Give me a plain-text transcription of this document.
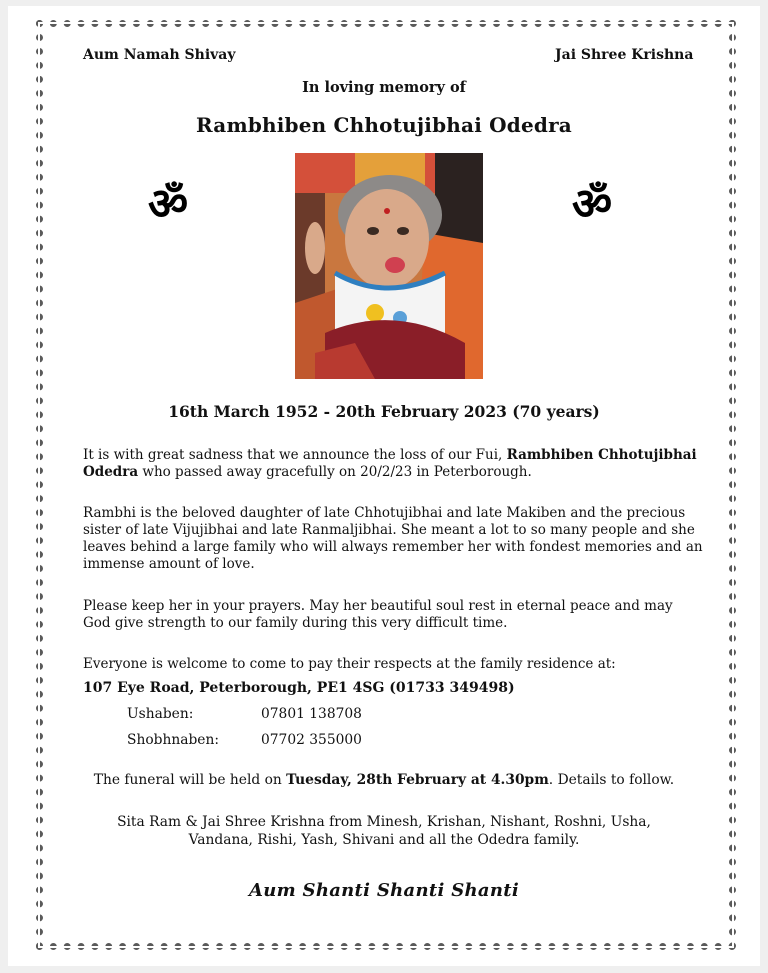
Aum Namah Shivay	Jai Shree Krishna
In loving memory of
Rambhiben Chhotujibhai Odedra
ॐ	ॐ
16th March 1952 - 20th February 2023 (70 years)
It is with great sadness that we announce the loss of our Fui, Rambhiben Chhotujibhai Odedra who passed away gracefully on 20/2/23 in Peterborough.
Rambhi is the beloved daughter of late Chhotujibhai and late Makiben and the precious sister of late Vijujibhai and late Ranmaljibhai. She meant a lot to so many people and she leaves behind a large family who will always remember her with fondest memories and an immense amount of love.
Please keep her in your prayers. May her beautiful soul rest in eternal peace and may God give strength to our family during this very difficult time.
Everyone is welcome to come to pay their respects at the family residence at:
107 Eye Road, Peterborough, PE1 4SG (01733 349498)
Ushaben:	07801 138708
Shobhnaben:	07702 355000
The funeral will be held on Tuesday, 28th February at 4.30pm. Details to follow.
Sita Ram & Jai Shree Krishna from Minesh, Krishan, Nishant, Roshni, Usha, Vandana, Rishi, Yash, Shivani and all the Odedra family.
Aum Shanti Shanti Shanti
